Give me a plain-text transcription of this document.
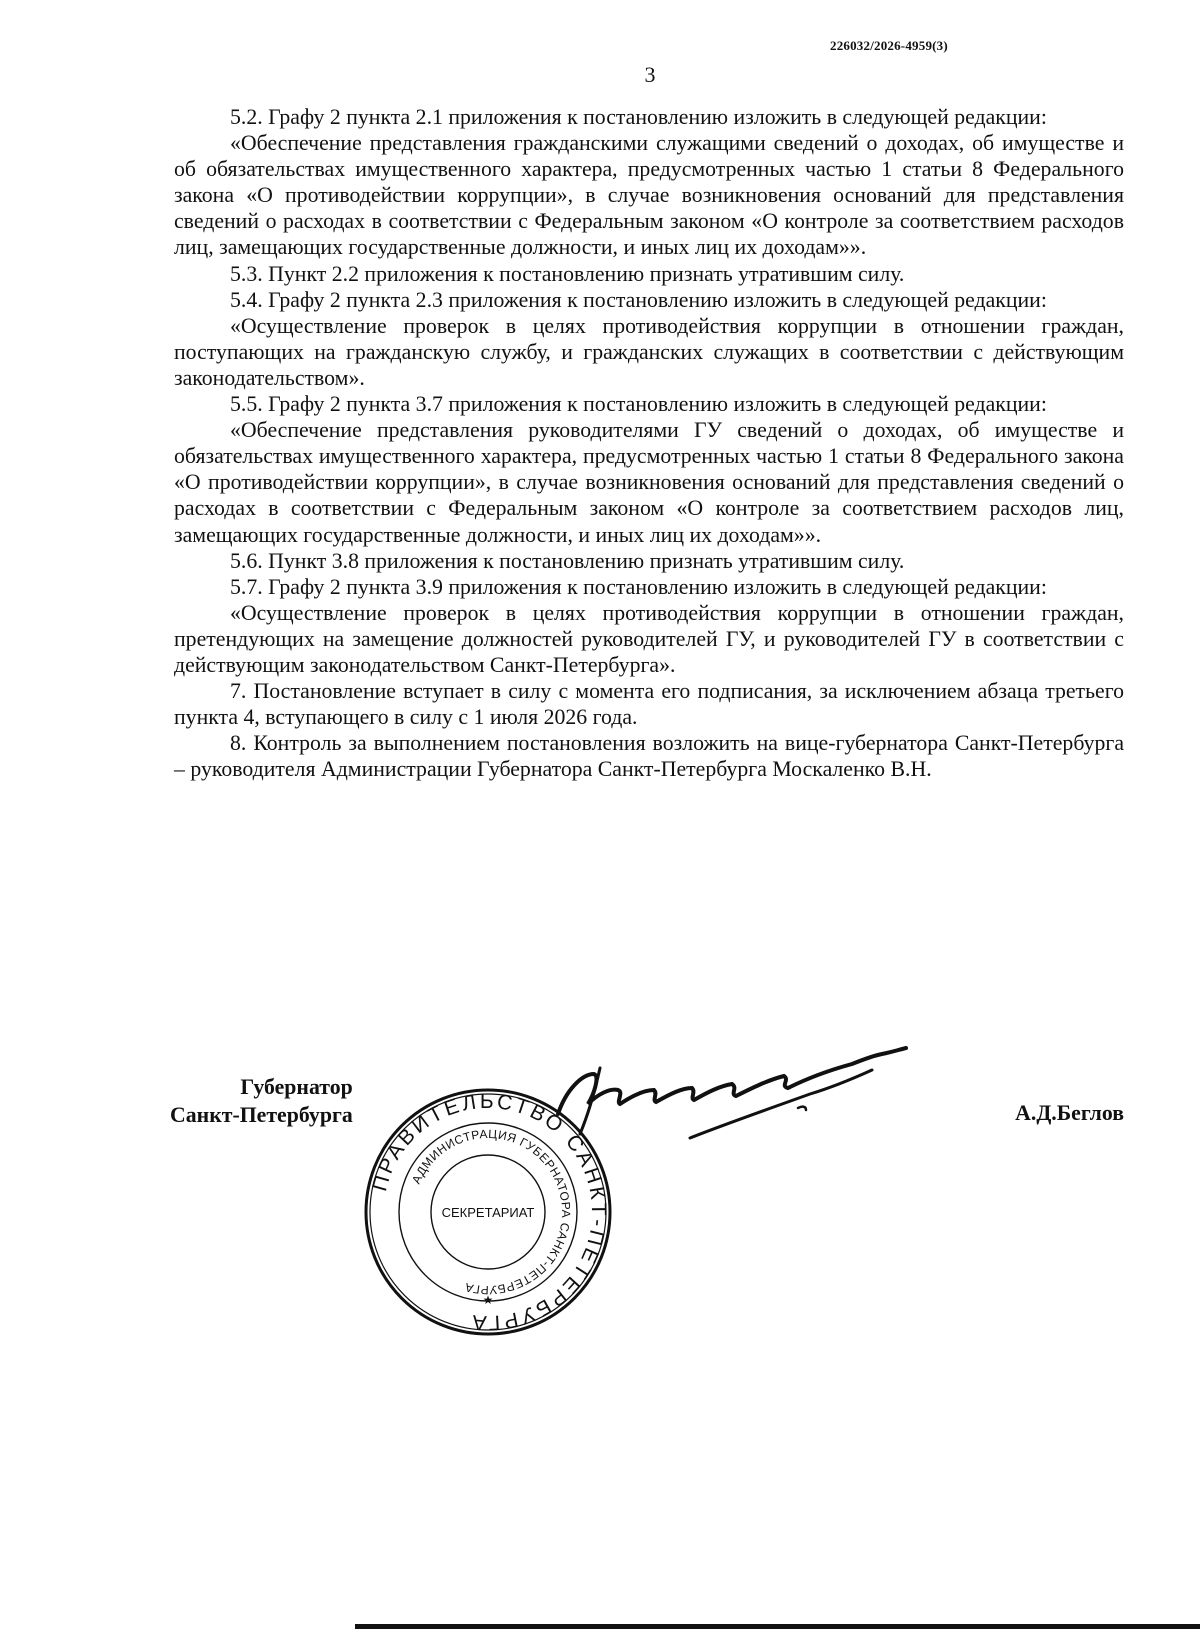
226032/2026-4959(3)
3

5.2. Графу 2 пункта 2.1 приложения к постановлению изложить в следующей редакции:

«Обеспечение представления гражданскими служащими сведений о доходах, об имуществе и об обязательствах имущественного характера, предусмотренных частью 1 статьи 8 Федерального закона «О противодействии коррупции», в случае возникновения оснований для представления сведений о расходах в соответствии с Федеральным законом «О контроле за соответствием расходов лиц, замещающих государственные должности, и иных лиц их доходам»».

5.3. Пункт 2.2 приложения к постановлению признать утратившим силу.

5.4. Графу 2 пункта 2.3 приложения к постановлению изложить в следующей редакции:

«Осуществление проверок в целях противодействия коррупции в отношении граждан, поступающих на гражданскую службу, и гражданских служащих в соответствии с действующим законодательством».

5.5. Графу 2 пункта 3.7 приложения к постановлению изложить в следующей редакции:

«Обеспечение представления руководителями ГУ сведений о доходах, об имуществе и обязательствах имущественного характера, предусмотренных частью 1 статьи 8 Федерального закона «О противодействии коррупции», в случае возникновения оснований для представления сведений о расходах в соответствии с Федеральным законом «О контроле за соответствием расходов лиц, замещающих государственные должности, и иных лиц их доходам»».

5.6. Пункт 3.8 приложения к постановлению признать утратившим силу.

5.7. Графу 2 пункта 3.9 приложения к постановлению изложить в следующей редакции:

«Осуществление проверок в целях противодействия коррупции в отношении граждан, претендующих на замещение должностей руководителей ГУ, и руководителей ГУ в соответствии с действующим законодательством Санкт-Петербурга».

7. Постановление вступает в силу с момента его подписания, за исключением абзаца третьего пункта 4, вступающего в силу с 1 июля 2026 года.

8. Контроль за выполнением постановления возложить на вице-губернатора Санкт-Петербурга – руководителя Администрации Губернатора Санкт-Петербурга Москаленко В.Н.

Губернатор
Санкт-Петербурга
ПРАВИТЕЛЬСТВО САНКТ-ПЕТЕРБУРГА
АДМИНИСТРАЦИЯ ГУБЕРНАТОРА САНКТ-ПЕТЕРБУРГА
СЕКРЕТАРИАТ
★
А.Д.Беглов
